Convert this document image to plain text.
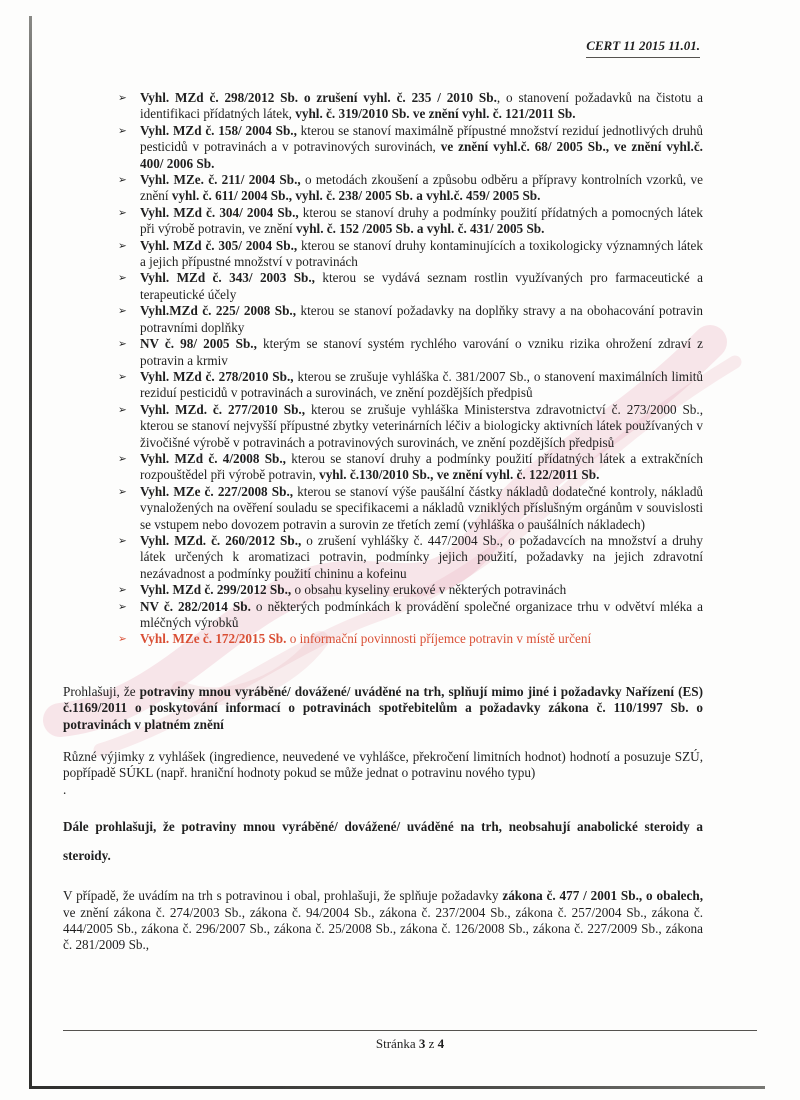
CERT 11 2015 11.01.
➢ Vyhl. MZd č. 298/2012 Sb. o zrušení vyhl. č. 235 / 2010 Sb., o stanovení požadavků na čistotu a identifikaci přídatných látek, vyhl. č. 319/2010 Sb. ve znění vyhl. č. 121/2011 Sb.
➢ Vyhl. MZd č. 158/ 2004 Sb., kterou se stanoví maximálně přípustné množství reziduí jednotlivých druhů pesticidů v potravinách a v potravinových surovinách, ve znění vyhl.č. 68/ 2005 Sb., ve znění vyhl.č. 400/ 2006 Sb.
➢ Vyhl. MZe. č. 211/ 2004 Sb., o metodách zkoušení a způsobu odběru a přípravy kontrolních vzorků, ve znění vyhl. č. 611/ 2004 Sb., vyhl. č. 238/ 2005 Sb. a vyhl.č. 459/ 2005 Sb.
➢ Vyhl. MZd č. 304/ 2004 Sb., kterou se stanoví druhy a podmínky použití přídatných a pomocných látek při výrobě potravin, ve znění vyhl. č. 152 /2005 Sb. a vyhl. č. 431/ 2005 Sb.
➢ Vyhl. MZd č. 305/ 2004 Sb., kterou se stanoví druhy kontaminujících a toxikologicky významných látek a jejich přípustné množství v potravinách
➢ Vyhl. MZd č. 343/ 2003 Sb., kterou se vydává seznam rostlin využívaných pro farmaceutické a terapeutické účely
➢ Vyhl.MZd č. 225/ 2008 Sb., kterou se stanoví požadavky na doplňky stravy a na obohacování potravin potravními doplňky
➢ NV č. 98/ 2005 Sb., kterým se stanoví systém rychlého varování o vzniku rizika ohrožení zdraví z potravin a krmiv
➢ Vyhl. MZd č. 278/2010 Sb., kterou se zrušuje vyhláška č. 381/2007 Sb., o stanovení maximálních limitů reziduí pesticidů v potravinách a surovinách, ve znění pozdějších předpisů
➢ Vyhl. MZd. č. 277/2010 Sb., kterou se zrušuje vyhláška Ministerstva zdravotnictví č. 273/2000 Sb., kterou se stanoví nejvyšší přípustné zbytky veterinárních léčiv a biologicky aktivních látek používaných v živočišné výrobě v potravinách a potravinových surovinách, ve znění pozdějších předpisů
➢ Vyhl. MZd č. 4/2008 Sb., kterou se stanoví druhy a podmínky použití přídatných látek a extrakčních rozpouštědel při výrobě potravin, vyhl. č.130/2010 Sb., ve znění vyhl. č. 122/2011 Sb.
➢ Vyhl. MZe č. 227/2008 Sb., kterou se stanoví výše paušální částky nákladů dodatečné kontroly, nákladů vynaložených na ověření souladu se specifikacemi a nákladů vzniklých příslušným orgánům v souvislosti se vstupem nebo dovozem potravin a surovin ze třetích zemí (vyhláška o paušálních nákladech)
➢ Vyhl. MZd. č. 260/2012 Sb., o zrušení vyhlášky č. 447/2004 Sb., o požadavcích na množství a druhy látek určených k aromatizaci potravin, podmínky jejich použití, požadavky na jejich zdravotní nezávadnost a podmínky použití chininu a kofeinu
➢ Vyhl. MZd č. 299/2012 Sb., o obsahu kyseliny erukové v některých potravinách
➢ NV č. 282/2014 Sb. o některých podmínkách k provádění společné organizace trhu v odvětví mléka a mléčných výrobků
➢ Vyhl. MZe č. 172/2015 Sb. o informační povinnosti příjemce potravin v místě určení

Prohlašuji, že potraviny mnou vyráběné/ dovážené/ uváděné na trh, splňují mimo jiné i požadavky Nařízení (ES) č.1169/2011 o poskytování informací o potravinách spotřebitelům a požadavky zákona č. 110/1997 Sb. o potravinách v platném znění

Různé výjimky z vyhlášek (ingredience, neuvedené ve vyhlášce, překročení limitních hodnot) hodnotí a posuzuje SZÚ, popřípadě SÚKL (např. hraniční hodnoty pokud se může jednat o potravinu nového typu)

.

Dále prohlašuji, že potraviny mnou vyráběné/ dovážené/ uváděné na trh, neobsahují anabolické steroidy a steroidy.

V případě, že uvádím na trh s potravinou i obal, prohlašuji, že splňuje požadavky zákona č. 477 / 2001 Sb., o obalech, ve znění zákona č. 274/2003 Sb., zákona č. 94/2004 Sb., zákona č. 237/2004 Sb., zákona č. 257/2004 Sb., zákona č. 444/2005 Sb., zákona č. 296/2007 Sb., zákona č. 25/2008 Sb., zákona č. 126/2008 Sb., zákona č. 227/2009 Sb., zákona č. 281/2009 Sb.,

Stránka 3 z 4
